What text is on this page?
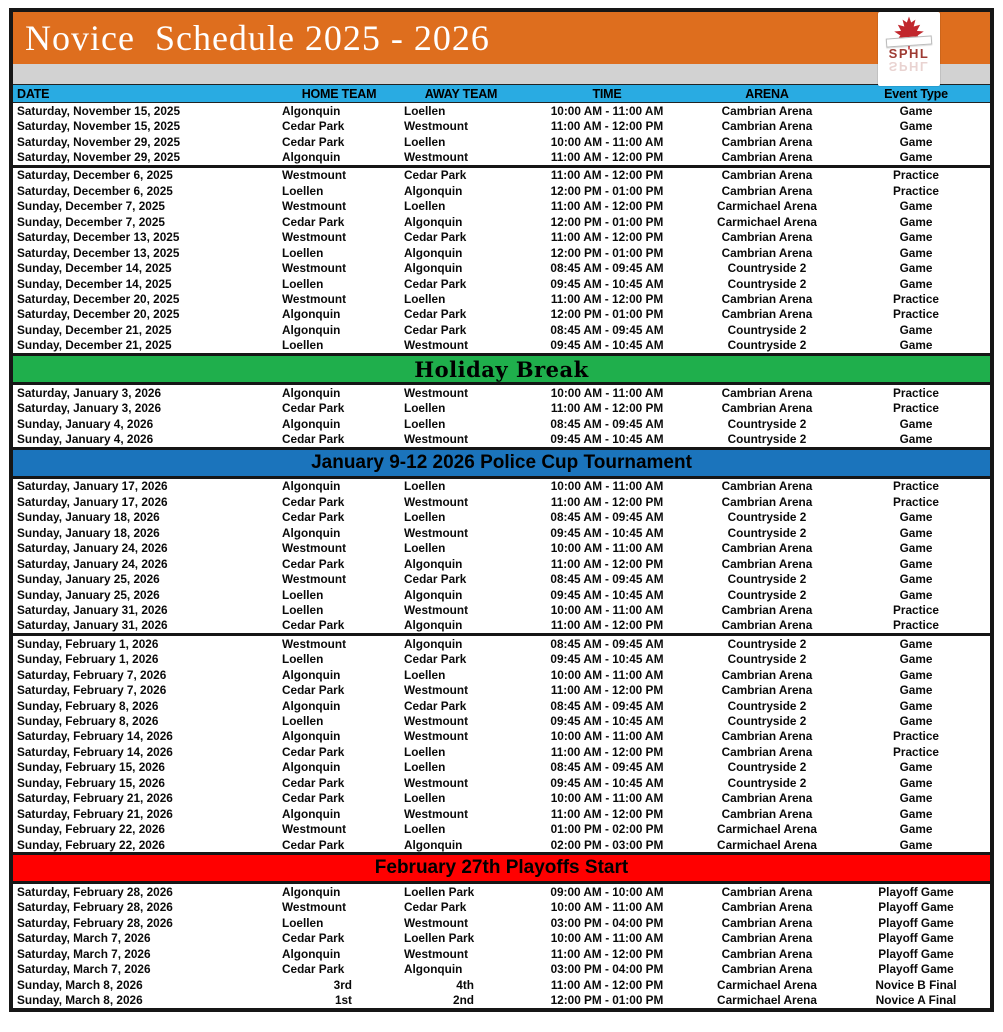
Novice  Schedule 2025 - 2026	SPHL
SPHL
DATE	HOME TEAM	AWAY TEAM	TIME	ARENA	Event Type
Saturday, November 15, 2025	Algonquin	Loellen	10:00 AM - 11:00 AM	Cambrian Arena	Game
Saturday, November 15, 2025	Cedar Park	Westmount	11:00 AM - 12:00 PM	Cambrian Arena	Game
Saturday, November 29, 2025	Cedar Park	Loellen	10:00 AM - 11:00 AM	Cambrian Arena	Game
Saturday, November 29, 2025	Algonquin	Westmount	11:00 AM - 12:00 PM	Cambrian Arena	Game
Saturday, December 6, 2025	Westmount	Cedar Park	11:00 AM - 12:00 PM	Cambrian Arena	Practice
Saturday, December 6, 2025	Loellen	Algonquin	12:00 PM - 01:00 PM	Cambrian Arena	Practice
Sunday, December 7, 2025	Westmount	Loellen	11:00 AM - 12:00 PM	Carmichael Arena	Game
Sunday, December 7, 2025	Cedar Park	Algonquin	12:00 PM - 01:00 PM	Carmichael Arena	Game
Saturday, December 13, 2025	Westmount	Cedar Park	11:00 AM - 12:00 PM	Cambrian Arena	Game
Saturday, December 13, 2025	Loellen	Algonquin	12:00 PM - 01:00 PM	Cambrian Arena	Game
Sunday, December 14, 2025	Westmount	Algonquin	08:45 AM - 09:45 AM	Countryside 2	Game
Sunday, December 14, 2025	Loellen	Cedar Park	09:45 AM - 10:45 AM	Countryside 2	Game
Saturday, December 20, 2025	Westmount	Loellen	11:00 AM - 12:00 PM	Cambrian Arena	Practice
Saturday, December 20, 2025	Algonquin	Cedar Park	12:00 PM - 01:00 PM	Cambrian Arena	Practice
Sunday, December 21, 2025	Algonquin	Cedar Park	08:45 AM - 09:45 AM	Countryside 2	Game
Sunday, December 21, 2025	Loellen	Westmount	09:45 AM - 10:45 AM	Countryside 2	Game
Holiday Break
Saturday, January 3, 2026	Algonquin	Westmount	10:00 AM - 11:00 AM	Cambrian Arena	Practice
Saturday, January 3, 2026	Cedar Park	Loellen	11:00 AM - 12:00 PM	Cambrian Arena	Practice
Sunday, January 4, 2026	Algonquin	Loellen	08:45 AM - 09:45 AM	Countryside 2	Game
Sunday, January 4, 2026	Cedar Park	Westmount	09:45 AM - 10:45 AM	Countryside 2	Game
January 9-12 2026 Police Cup Tournament
Saturday, January 17, 2026	Algonquin	Loellen	10:00 AM - 11:00 AM	Cambrian Arena	Practice
Saturday, January 17, 2026	Cedar Park	Westmount	11:00 AM - 12:00 PM	Cambrian Arena	Practice
Sunday, January 18, 2026	Cedar Park	Loellen	08:45 AM - 09:45 AM	Countryside 2	Game
Sunday, January 18, 2026	Algonquin	Westmount	09:45 AM - 10:45 AM	Countryside 2	Game
Saturday, January 24, 2026	Westmount	Loellen	10:00 AM - 11:00 AM	Cambrian Arena	Game
Saturday, January 24, 2026	Cedar Park	Algonquin	11:00 AM - 12:00 PM	Cambrian Arena	Game
Sunday, January 25, 2026	Westmount	Cedar Park	08:45 AM - 09:45 AM	Countryside 2	Game
Sunday, January 25, 2026	Loellen	Algonquin	09:45 AM - 10:45 AM	Countryside 2	Game
Saturday, January 31, 2026	Loellen	Westmount	10:00 AM - 11:00 AM	Cambrian Arena	Practice
Saturday, January 31, 2026	Cedar Park	Algonquin	11:00 AM - 12:00 PM	Cambrian Arena	Practice
Sunday, February 1, 2026	Westmount	Algonquin	08:45 AM - 09:45 AM	Countryside 2	Game
Sunday, February 1, 2026	Loellen	Cedar Park	09:45 AM - 10:45 AM	Countryside 2	Game
Saturday, February 7, 2026	Algonquin	Loellen	10:00 AM - 11:00 AM	Cambrian Arena	Game
Saturday, February 7, 2026	Cedar Park	Westmount	11:00 AM - 12:00 PM	Cambrian Arena	Game
Sunday, February 8, 2026	Algonquin	Cedar Park	08:45 AM - 09:45 AM	Countryside 2	Game
Sunday, February 8, 2026	Loellen	Westmount	09:45 AM - 10:45 AM	Countryside 2	Game
Saturday, February 14, 2026	Algonquin	Westmount	10:00 AM - 11:00 AM	Cambrian Arena	Practice
Saturday, February 14, 2026	Cedar Park	Loellen	11:00 AM - 12:00 PM	Cambrian Arena	Practice
Sunday, February 15, 2026	Algonquin	Loellen	08:45 AM - 09:45 AM	Countryside 2	Game
Sunday, February 15, 2026	Cedar Park	Westmount	09:45 AM - 10:45 AM	Countryside 2	Game
Saturday, February 21, 2026	Cedar Park	Loellen	10:00 AM - 11:00 AM	Cambrian Arena	Game
Saturday, February 21, 2026	Algonquin	Westmount	11:00 AM - 12:00 PM	Cambrian Arena	Game
Sunday, February 22, 2026	Westmount	Loellen	01:00 PM - 02:00 PM	Carmichael Arena	Game
Sunday, February 22, 2026	Cedar Park	Algonquin	02:00 PM - 03:00 PM	Carmichael Arena	Game
February 27th Playoffs Start
Saturday, February 28, 2026	Algonquin	Loellen Park	09:00 AM - 10:00 AM	Cambrian Arena	Playoff Game
Saturday, February 28, 2026	Westmount	Cedar Park	10:00 AM - 11:00 AM	Cambrian Arena	Playoff Game
Saturday, February 28, 2026	Loellen	Westmount	03:00 PM - 04:00 PM	Cambrian Arena	Playoff Game
Saturday, March 7, 2026	Cedar Park	Loellen Park	10:00 AM - 11:00 AM	Cambrian Arena	Playoff Game
Saturday, March 7, 2026	Algonquin	Westmount	11:00 AM - 12:00 PM	Cambrian Arena	Playoff Game
Saturday, March 7, 2026	Cedar Park	Algonquin	03:00 PM - 04:00 PM	Cambrian Arena	Playoff Game
Sunday, March 8, 2026	3rd	4th	11:00 AM - 12:00 PM	Carmichael Arena	Novice B Final
Sunday, March 8, 2026	1st	2nd	12:00 PM - 01:00 PM	Carmichael Arena	Novice A Final
